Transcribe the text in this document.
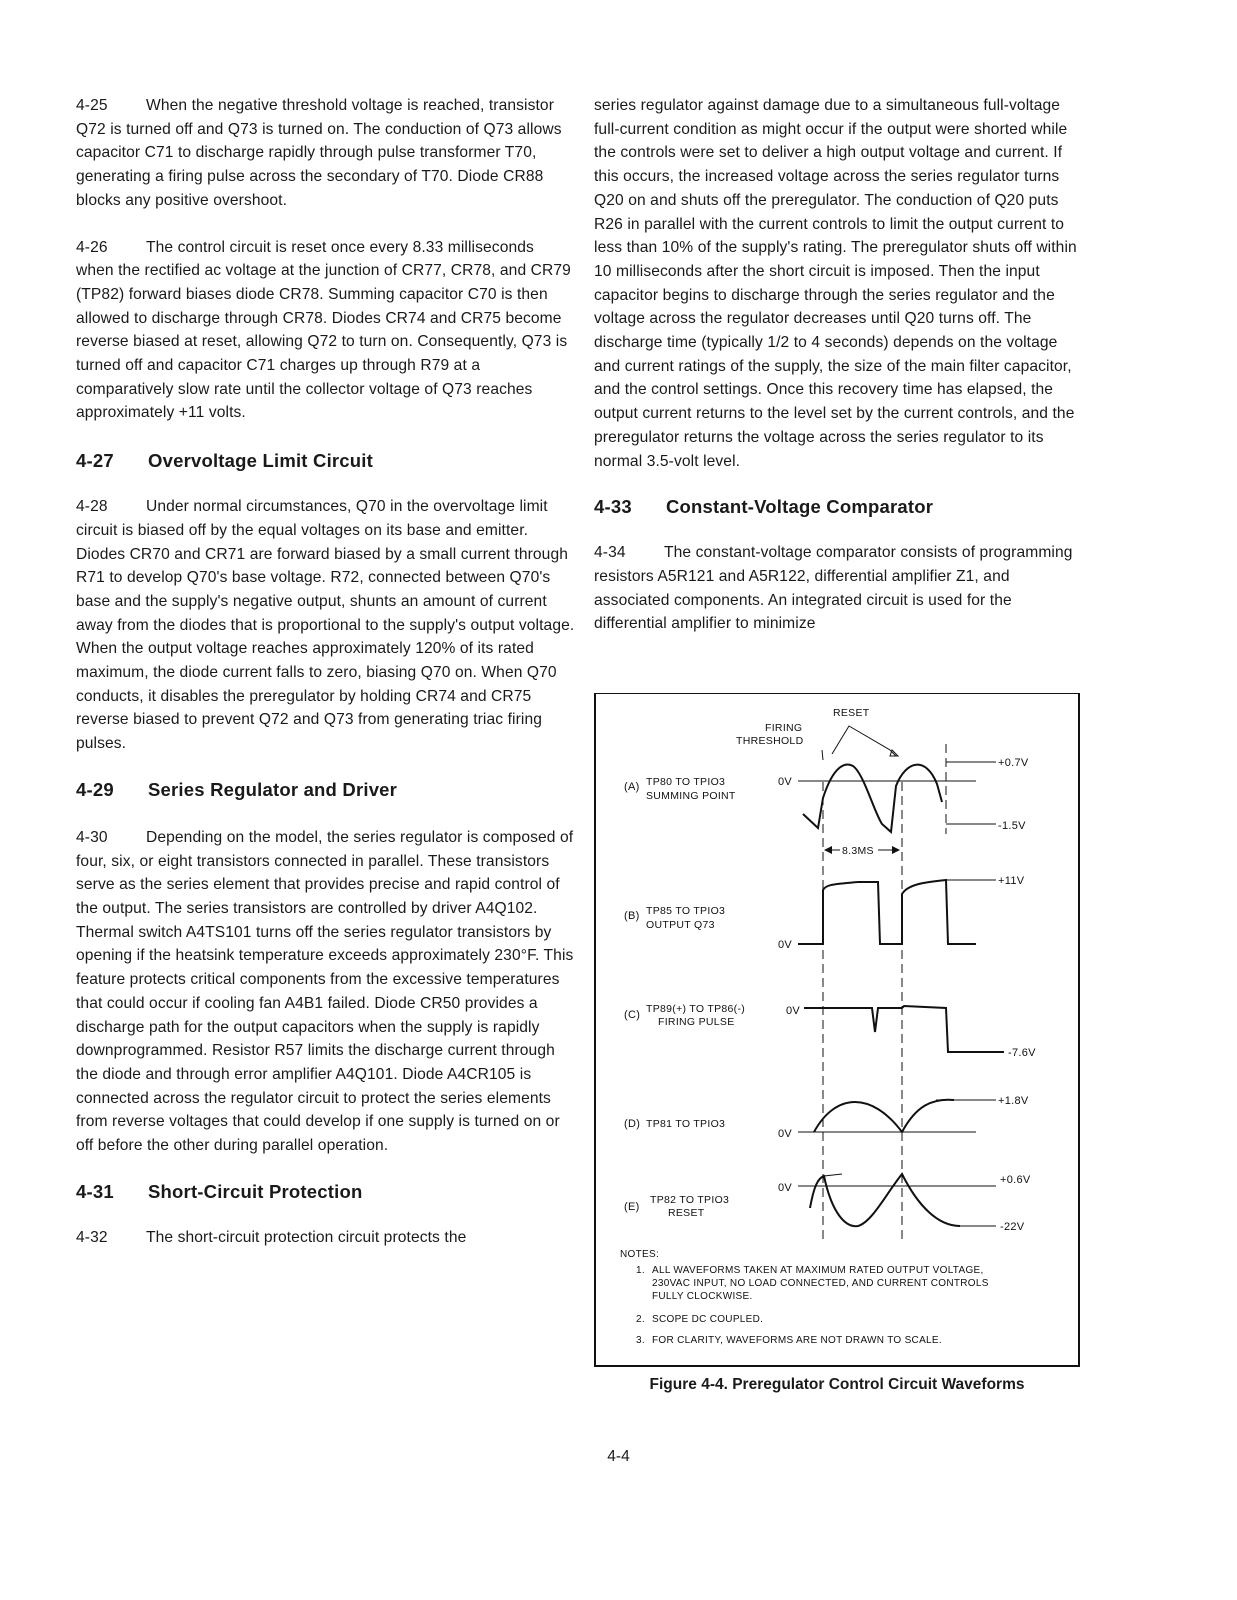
4-25 When the negative threshold voltage is reached, transistor Q72 is turned off and Q73 is turned on. The conduction of Q73 allows capacitor C71 to discharge rapidly through pulse transformer T70, generating a firing pulse across the secondary of T70. Diode CR88 blocks any positive overshoot.

4-26 The control circuit is reset once every 8.33 milliseconds when the rectified ac voltage at the junction of CR77, CR78, and CR79 (TP82) forward biases diode CR78. Summing capacitor C70 is then allowed to discharge through CR78. Diodes CR74 and CR75 become reverse biased at reset, allowing Q72 to turn on. Consequently, Q73 is turned off and capacitor C71 charges up through R79 at a comparatively slow rate until the collector voltage of Q73 reaches approximately +11 volts.

4-27 Overvoltage Limit Circuit

4-28 Under normal circumstances, Q70 in the overvoltage limit circuit is biased off by the equal voltages on its base and emitter. Diodes CR70 and CR71 are forward biased by a small current through R71 to develop Q70's base voltage. R72, connected between Q70's base and the supply's negative output, shunts an amount of current away from the diodes that is proportional to the supply's output voltage. When the output voltage reaches approximately 120% of its rated maximum, the diode current falls to zero, biasing Q70 on. When Q70 conducts, it disables the preregulator by holding CR74 and CR75 reverse biased to prevent Q72 and Q73 from generating triac firing pulses.

4-29 Series Regulator and Driver

4-30 Depending on the model, the series regulator is composed of four, six, or eight transistors connected in parallel. These transistors serve as the series element that provides precise and rapid control of the output. The series transistors are controlled by driver A4Q102. Thermal switch A4TS101 turns off the series regulator transistors by opening if the heatsink temperature exceeds approximately 230°F. This feature protects critical components from the excessive temperatures that could occur if cooling fan A4B1 failed. Diode CR50 provides a discharge path for the output capacitors when the supply is rapidly downprogrammed. Resistor R57 limits the discharge current through the diode and through error amplifier A4Q101. Diode A4CR105 is connected across the regulator circuit to protect the series elements from reverse voltages that could develop if one supply is turned on or off before the other during parallel operation.

4-31 Short-Circuit Protection

4-32 The short-circuit protection circuit protects the

series regulator against damage due to a simultaneous full-voltage full-current condition as might occur if the output were shorted while the controls were set to deliver a high output voltage and current. If this occurs, the increased voltage across the series regulator turns Q20 on and shuts off the preregulator. The conduction of Q20 puts R26 in parallel with the current controls to limit the output current to less than 10% of the supply's rating. The preregulator shuts off within 10 milliseconds after the short circuit is imposed. Then the input capacitor begins to discharge through the series regulator and the voltage across the regulator decreases until Q20 turns off. The discharge time (typically 1/2 to 4 seconds) depends on the voltage and current ratings of the supply, the size of the main filter capacitor, and the control settings. Once this recovery time has elapsed, the output current returns to the level set by the current controls, and the preregulator returns the voltage across the series regulator to its normal 3.5-volt level.

4-33 Constant-Voltage Comparator

4-34 The constant-voltage comparator consists of programming resistors A5R121 and A5R122, differential amplifier Z1, and associated components. An integrated circuit is used for the differential amplifier to minimize

RESET
FIRING
THRESHOLD
(A) TP80 TO TPIO3
SUMMING POINT
0V
+0.7V
-1.5V
8.3MS
(B) TP85 TO TPIO3
OUTPUT Q73
0V
+11V
(C) TP89(+) TO TP86(-)
FIRING PULSE
0V
-7.6V
(D) TP81 TO TPIO3
0V
+1.8V
(E)
TP82 TO TPIO3
RESET
0V
+0.6V
-22V
NOTES:
1. ALL WAVEFORMS TAKEN AT MAXIMUM RATED OUTPUT VOLTAGE,
230VAC INPUT, NO LOAD CONNECTED, AND CURRENT CONTROLS
FULLY CLOCKWISE.
2. SCOPE DC COUPLED.
3. FOR CLARITY, WAVEFORMS ARE NOT DRAWN TO SCALE.
Figure 4-4. Preregulator Control Circuit Waveforms
4-4
